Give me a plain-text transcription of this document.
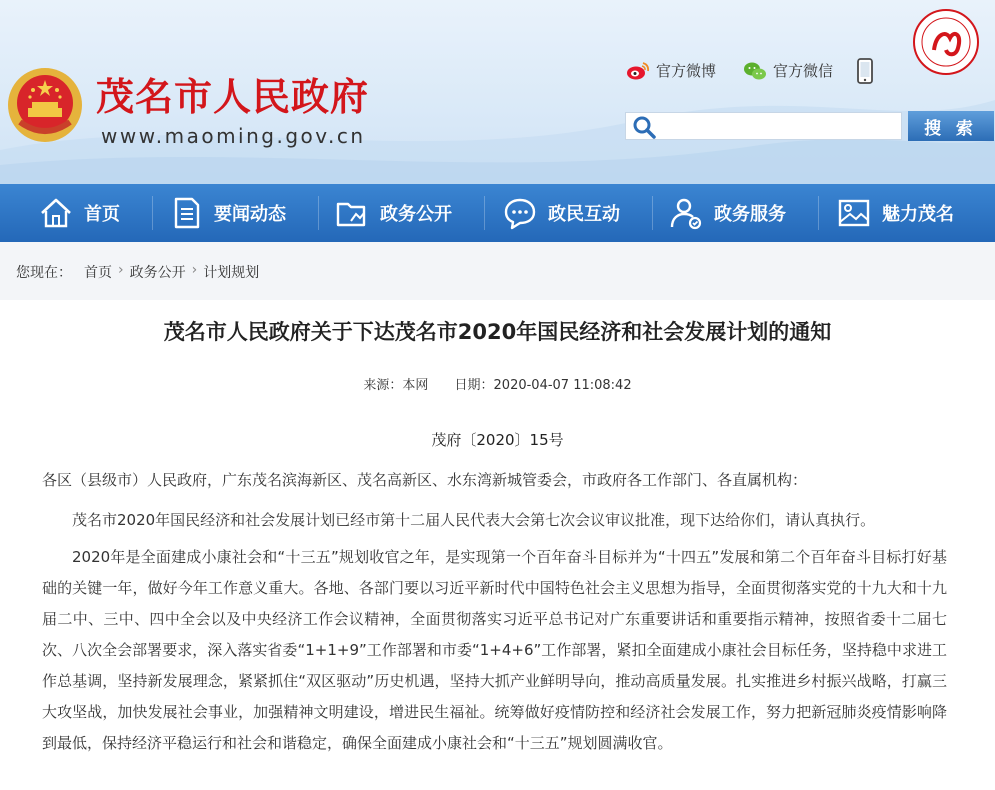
茂名市人民政府
www.maoming.gov.cn
官方微博	官方微信
搜 索
首页	要闻动态	政务公开	政民互动	政务服务	魅力茂名
您现在： 首页 › 政务公开 › 计划规划
茂名市人民政府关于下达茂名市2020年国民经济和社会发展计划的通知
来源：本网 日期：2020-04-07 11:08:42
茂府〔2020〕15号

各区（县级市）人民政府，广东茂名滨海新区、茂名高新区、水东湾新城管委会，市政府各工作部门、各直属机构：

茂名市2020年国民经济和社会发展计划已经市第十二届人民代表大会第七次会议审议批准，现下达给你们，请认真执行。

2020年是全面建成小康社会和“十三五”规划收官之年，是实现第一个百年奋斗目标并为“十四五”发展和第二个百年奋斗目标打好基础的关键一年，做好今年工作意义重大。各地、各部门要以习近平新时代中国特色社会主义思想为指导，全面贯彻落实党的十九大和十九届二中、三中、四中全会以及中央经济工作会议精神，全面贯彻落实习近平总书记对广东重要讲话和重要指示精神，按照省委十二届七次、八次全会部署要求，深入落实省委“1+1+9”工作部署和市委“1+4+6”工作部署，紧扣全面建成小康社会目标任务，坚持稳中求进工作总基调，坚持新发展理念，紧紧抓住“双区驱动”历史机遇，坚持大抓产业鲜明导向，推动高质量发展。扎实推进乡村振兴战略，打赢三大攻坚战，加快发展社会事业，加强精神文明建设，增进民生福祉。统筹做好疫情防控和经济社会发展工作，努力把新冠肺炎疫情影响降到最低，保持经济平稳运行和社会和谐稳定，确保全面建成小康社会和“十三五”规划圆满收官。
